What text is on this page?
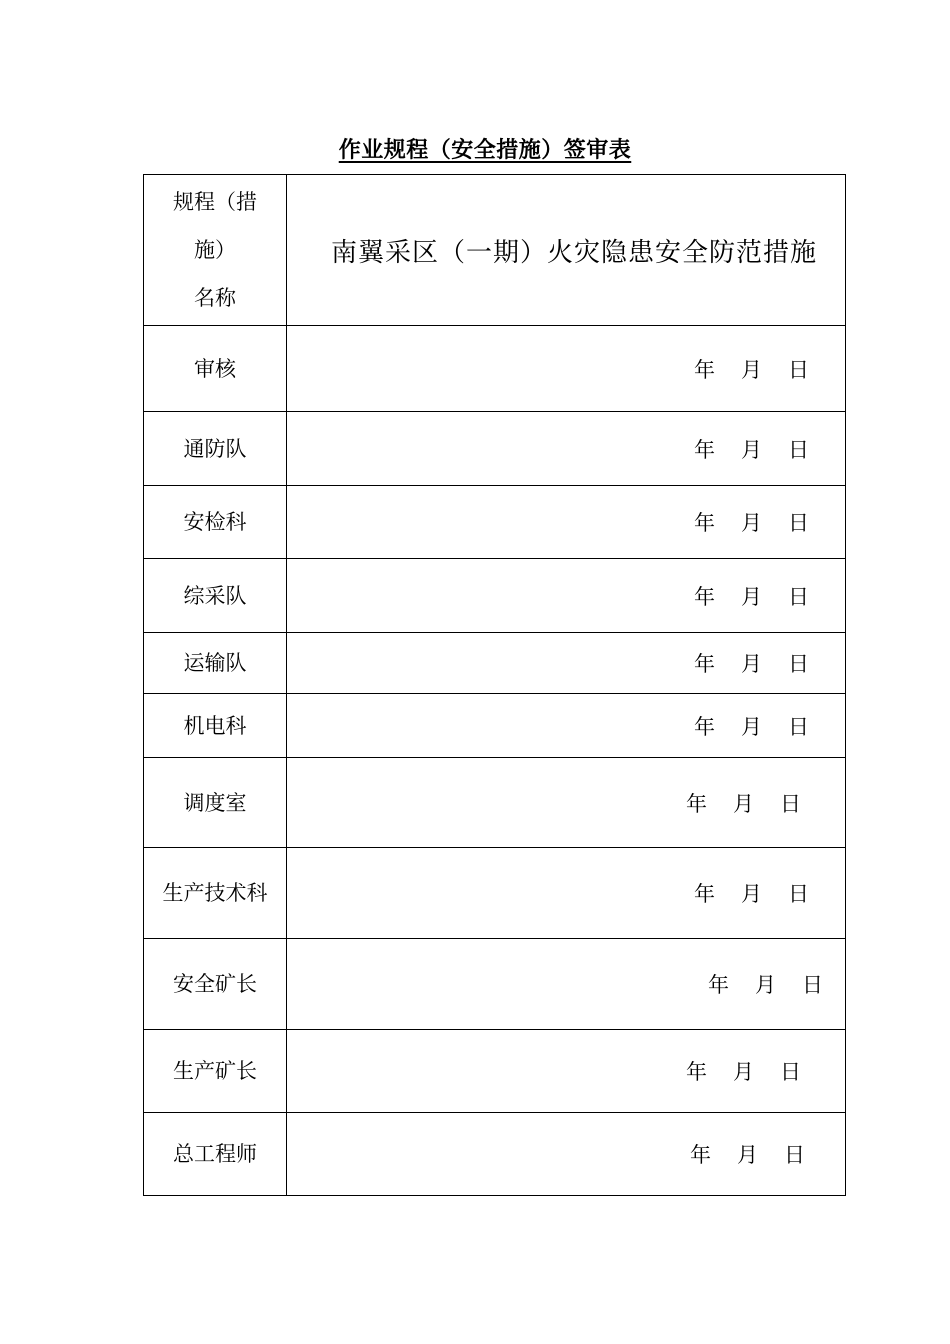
作业规程（安全措施）签审表
规程（措
施）
名称	南翼采区（一期）火灾隐患安全防范措施

审核	年 月 日

通防队	年 月 日

安检科	年 月 日

综采队	年 月 日

运输队	年 月 日

机电科	年 月 日

调度室	年 月 日

生产技术科	年 月 日

安全矿长	年 月 日

生产矿长	年 月 日

总工程师	年 月 日
